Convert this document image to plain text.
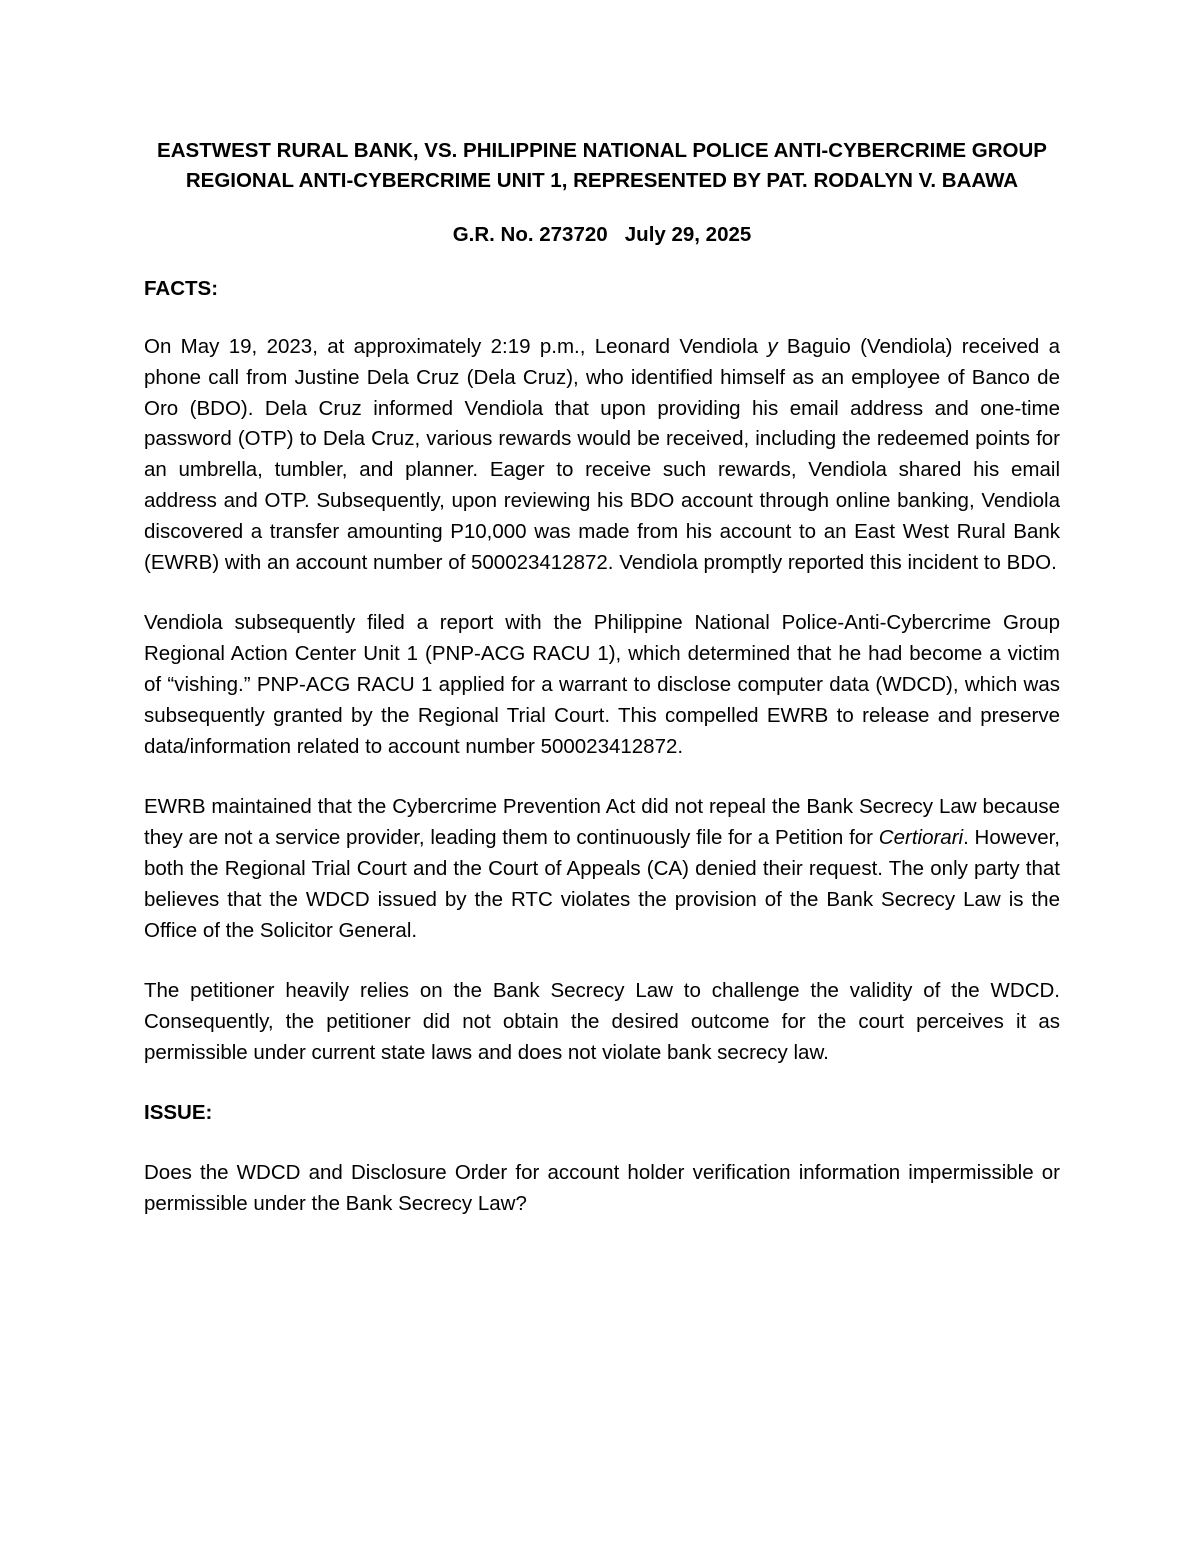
EASTWEST RURAL BANK, VS. PHILIPPINE NATIONAL POLICE ANTI-CYBERCRIME GROUP REGIONAL ANTI-CYBERCRIME UNIT 1, REPRESENTED BY PAT. RODALYN V. BAAWA

G.R. No. 273720 July 29, 2025

FACTS:

On May 19, 2023, at approximately 2:19 p.m., Leonard Vendiola y Baguio (Vendiola) received a phone call from Justine Dela Cruz (Dela Cruz), who identified himself as an employee of Banco de Oro (BDO). Dela Cruz informed Vendiola that upon providing his email address and one-time password (OTP) to Dela Cruz, various rewards would be received, including the redeemed points for an umbrella, tumbler, and planner. Eager to receive such rewards, Vendiola shared his email address and OTP. Subsequently, upon reviewing his BDO account through online banking, Vendiola discovered a transfer amounting P10,000 was made from his account to an East West Rural Bank (EWRB) with an account number of 500023412872. Vendiola promptly reported this incident to BDO.

Vendiola subsequently filed a report with the Philippine National Police-Anti-Cybercrime Group Regional Action Center Unit 1 (PNP-ACG RACU 1), which determined that he had become a victim of “vishing.” PNP-ACG RACU 1 applied for a warrant to disclose computer data (WDCD), which was subsequently granted by the Regional Trial Court. This compelled EWRB to release and preserve data/information related to account number 500023412872.

EWRB maintained that the Cybercrime Prevention Act did not repeal the Bank Secrecy Law because they are not a service provider, leading them to continuously file for a Petition for Certiorari. However, both the Regional Trial Court and the Court of Appeals (CA) denied their request. The only party that believes that the WDCD issued by the RTC violates the provision of the Bank Secrecy Law is the Office of the Solicitor General.

The petitioner heavily relies on the Bank Secrecy Law to challenge the validity of the WDCD. Consequently, the petitioner did not obtain the desired outcome for the court perceives it as permissible under current state laws and does not violate bank secrecy law.

ISSUE:

Does the WDCD and Disclosure Order for account holder verification information impermissible or permissible under the Bank Secrecy Law?
